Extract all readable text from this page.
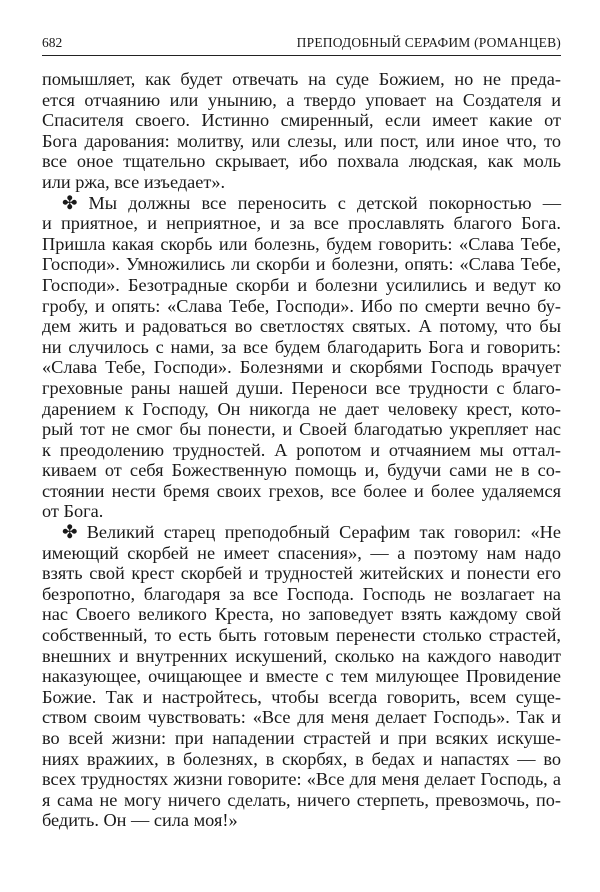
682	ПРЕПОДОБНЫЙ СЕРАФИМ (РОМАНЦЕВ)
помышляет, как будет отвечать на суде Божием, но не преда-
ется отчаянию или унынию, а твердо уповает на Создателя и
Спасителя своего. Истинно смиренный, если имеет какие от
Бога дарования: молитву, или слезы, или пост, или иное что, то
все оное тщательно скрывает, ибо похвала людская, как моль
или ржа, все изъедает».
✤ Мы должны все переносить с детской покорностью —
и приятное, и неприятное, и за все прославлять благого Бога.
Пришла какая скорбь или болезнь, будем говорить: «Слава Тебе,
Господи». Умножились ли скорби и болезни, опять: «Слава Тебе,
Господи». Безотрадные скорби и болезни усилились и ведут ко
гробу, и опять: «Слава Тебе, Господи». Ибо по смерти вечно бу-
дем жить и радоваться во светлостях святых. А потому, что бы
ни случилось с нами, за все будем благодарить Бога и говорить:
«Слава Тебе, Господи». Болезнями и скорбями Господь врачует
греховные раны нашей души. Переноси все трудности с благо-
дарением к Господу, Он никогда не дает человеку крест, кото-
рый тот не смог бы понести, и Своей благодатью укрепляет нас
к преодолению трудностей. А ропотом и отчаянием мы оттал-
киваем от себя Божественную помощь и, будучи сами не в со-
стоянии нести бремя своих грехов, все более и более удаляемся
от Бога.
✤ Великий старец преподобный Серафим так говорил: «Не
имеющий скорбей не имеет спасения», — а поэтому нам надо
взять свой крест скорбей и трудностей житейских и понести его
безропотно, благодаря за все Господа. Господь не возлагает на
нас Своего великого Креста, но заповедует взять каждому свой
собственный, то есть быть готовым перенести столько страстей,
внешних и внутренних искушений, сколько на каждого наводит
наказующее, очищающее и вместе с тем милующее Провидение
Божие. Так и настройтесь, чтобы всегда говорить, всем суще-
ством своим чувствовать: «Все для меня делает Господь». Так и
во всей жизни: при нападении страстей и при всяких искуше-
ниях вражиих, в болезнях, в скорбях, в бедах и напастях — во
всех трудностях жизни говорите: «Все для меня делает Господь, а
я сама не могу ничего сделать, ничего стерпеть, превозмочь, по-
бедить. Он — сила моя!»
